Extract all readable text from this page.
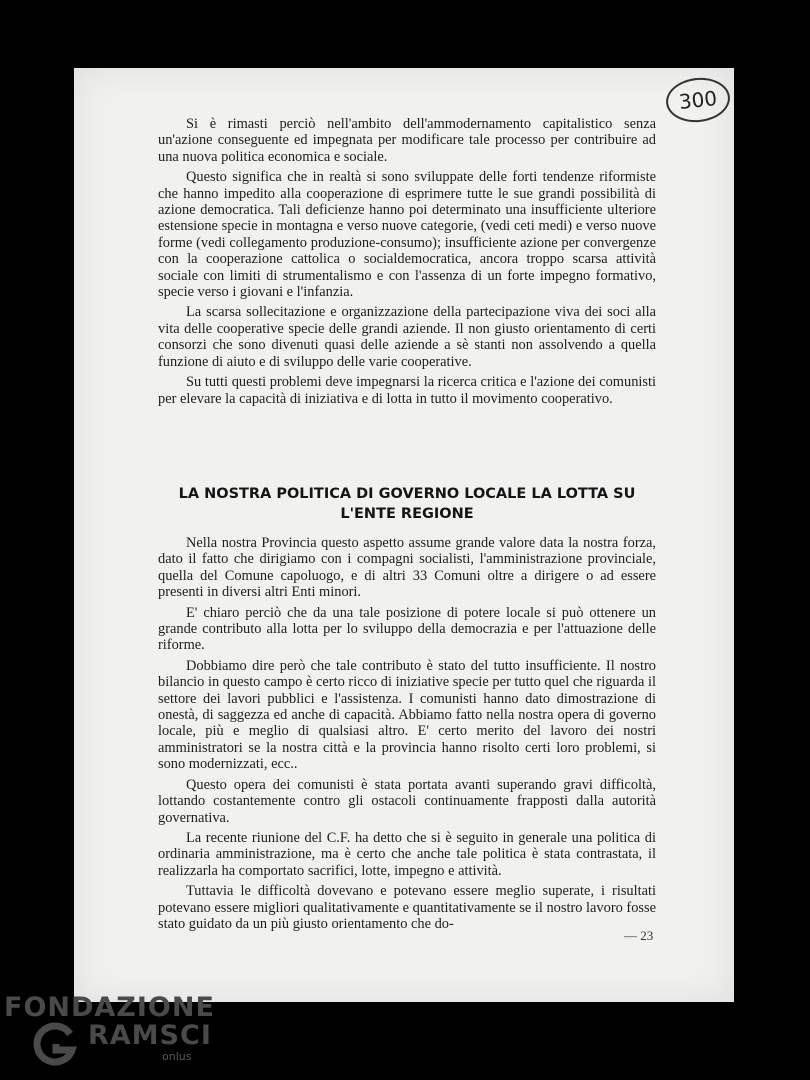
300

Si è rimasti perciò nell'ambito dell'ammodernamento capitalistico senza un'azione conseguente ed impegnata per modificare tale processo per contribuire ad una nuova politica economica e sociale.

Questo significa che in realtà si sono sviluppate delle forti tendenze riformiste che hanno impedito alla cooperazione di esprimere tutte le sue grandi possibilità di azione democratica. Tali deficienze hanno poi determinato una insufficiente ulteriore estensione specie in montagna e verso nuove categorie, (vedi ceti medi) e verso nuove forme (vedi collegamento produzione-consumo); insufficiente azione per convergenze con la cooperazione cattolica o socialdemocratica, ancora troppo scarsa attività sociale con limiti di strumentalismo e con l'assenza di un forte impegno formativo, specie verso i giovani e l'infanzia.

La scarsa sollecitazione e organizzazione della partecipazione viva dei soci alla vita delle cooperative specie delle grandi aziende. Il non giusto orientamento di certi consorzi che sono divenuti quasi delle aziende a sè stanti non assolvendo a quella funzione di aiuto e di sviluppo delle varie cooperative.

Su tutti questi problemi deve impegnarsi la ricerca critica e l'azione dei comunisti per elevare la capacità di iniziativa e di lotta in tutto il movimento cooperativo.

LA NOSTRA POLITICA DI GOVERNO LOCALE LA LOTTA SU
L'ENTE REGIONE

Nella nostra Provincia questo aspetto assume grande valore data la nostra forza, dato il fatto che dirigiamo con i compagni socialisti, l'amministrazione provinciale, quella del Comune capoluogo, e di altri 33 Comuni oltre a dirigere o ad essere presenti in diversi altri Enti minori.

E' chiaro perciò che da una tale posizione di potere locale si può ottenere un grande contributo alla lotta per lo sviluppo della democrazia e per l'attuazione delle riforme.

Dobbiamo dire però che tale contributo è stato del tutto insufficiente. Il nostro bilancio in questo campo è certo ricco di iniziative specie per tutto quel che riguarda il settore dei lavori pubblici e l'assistenza. I comunisti hanno dato dimostrazione di onestà, di saggezza ed anche di capacità. Abbiamo fatto nella nostra opera di governo locale, più e meglio di qualsiasi altro. E' certo merito del lavoro dei nostri amministratori se la nostra città e la provincia hanno risolto certi loro problemi, si sono modernizzati, ecc..

Questo opera dei comunisti è stata portata avanti superando gravi difficoltà, lottando costantemente contro gli ostacoli continuamente frapposti dalla autorità governativa.

La recente riunione del C.F. ha detto che si è seguito in generale una politica di ordinaria amministrazione, ma è certo che anche tale politica è stata contrastata, il realizzarla ha comportato sacrifici, lotte, impegno e attività.

Tuttavia le difficoltà dovevano e potevano essere meglio superate, i risultati potevano essere migliori qualitativamente e quantitativamente se il nostro lavoro fosse stato guidato da un più giusto orientamento che do-

— 23
FONDAZIONE
RAMSCI
onlus
